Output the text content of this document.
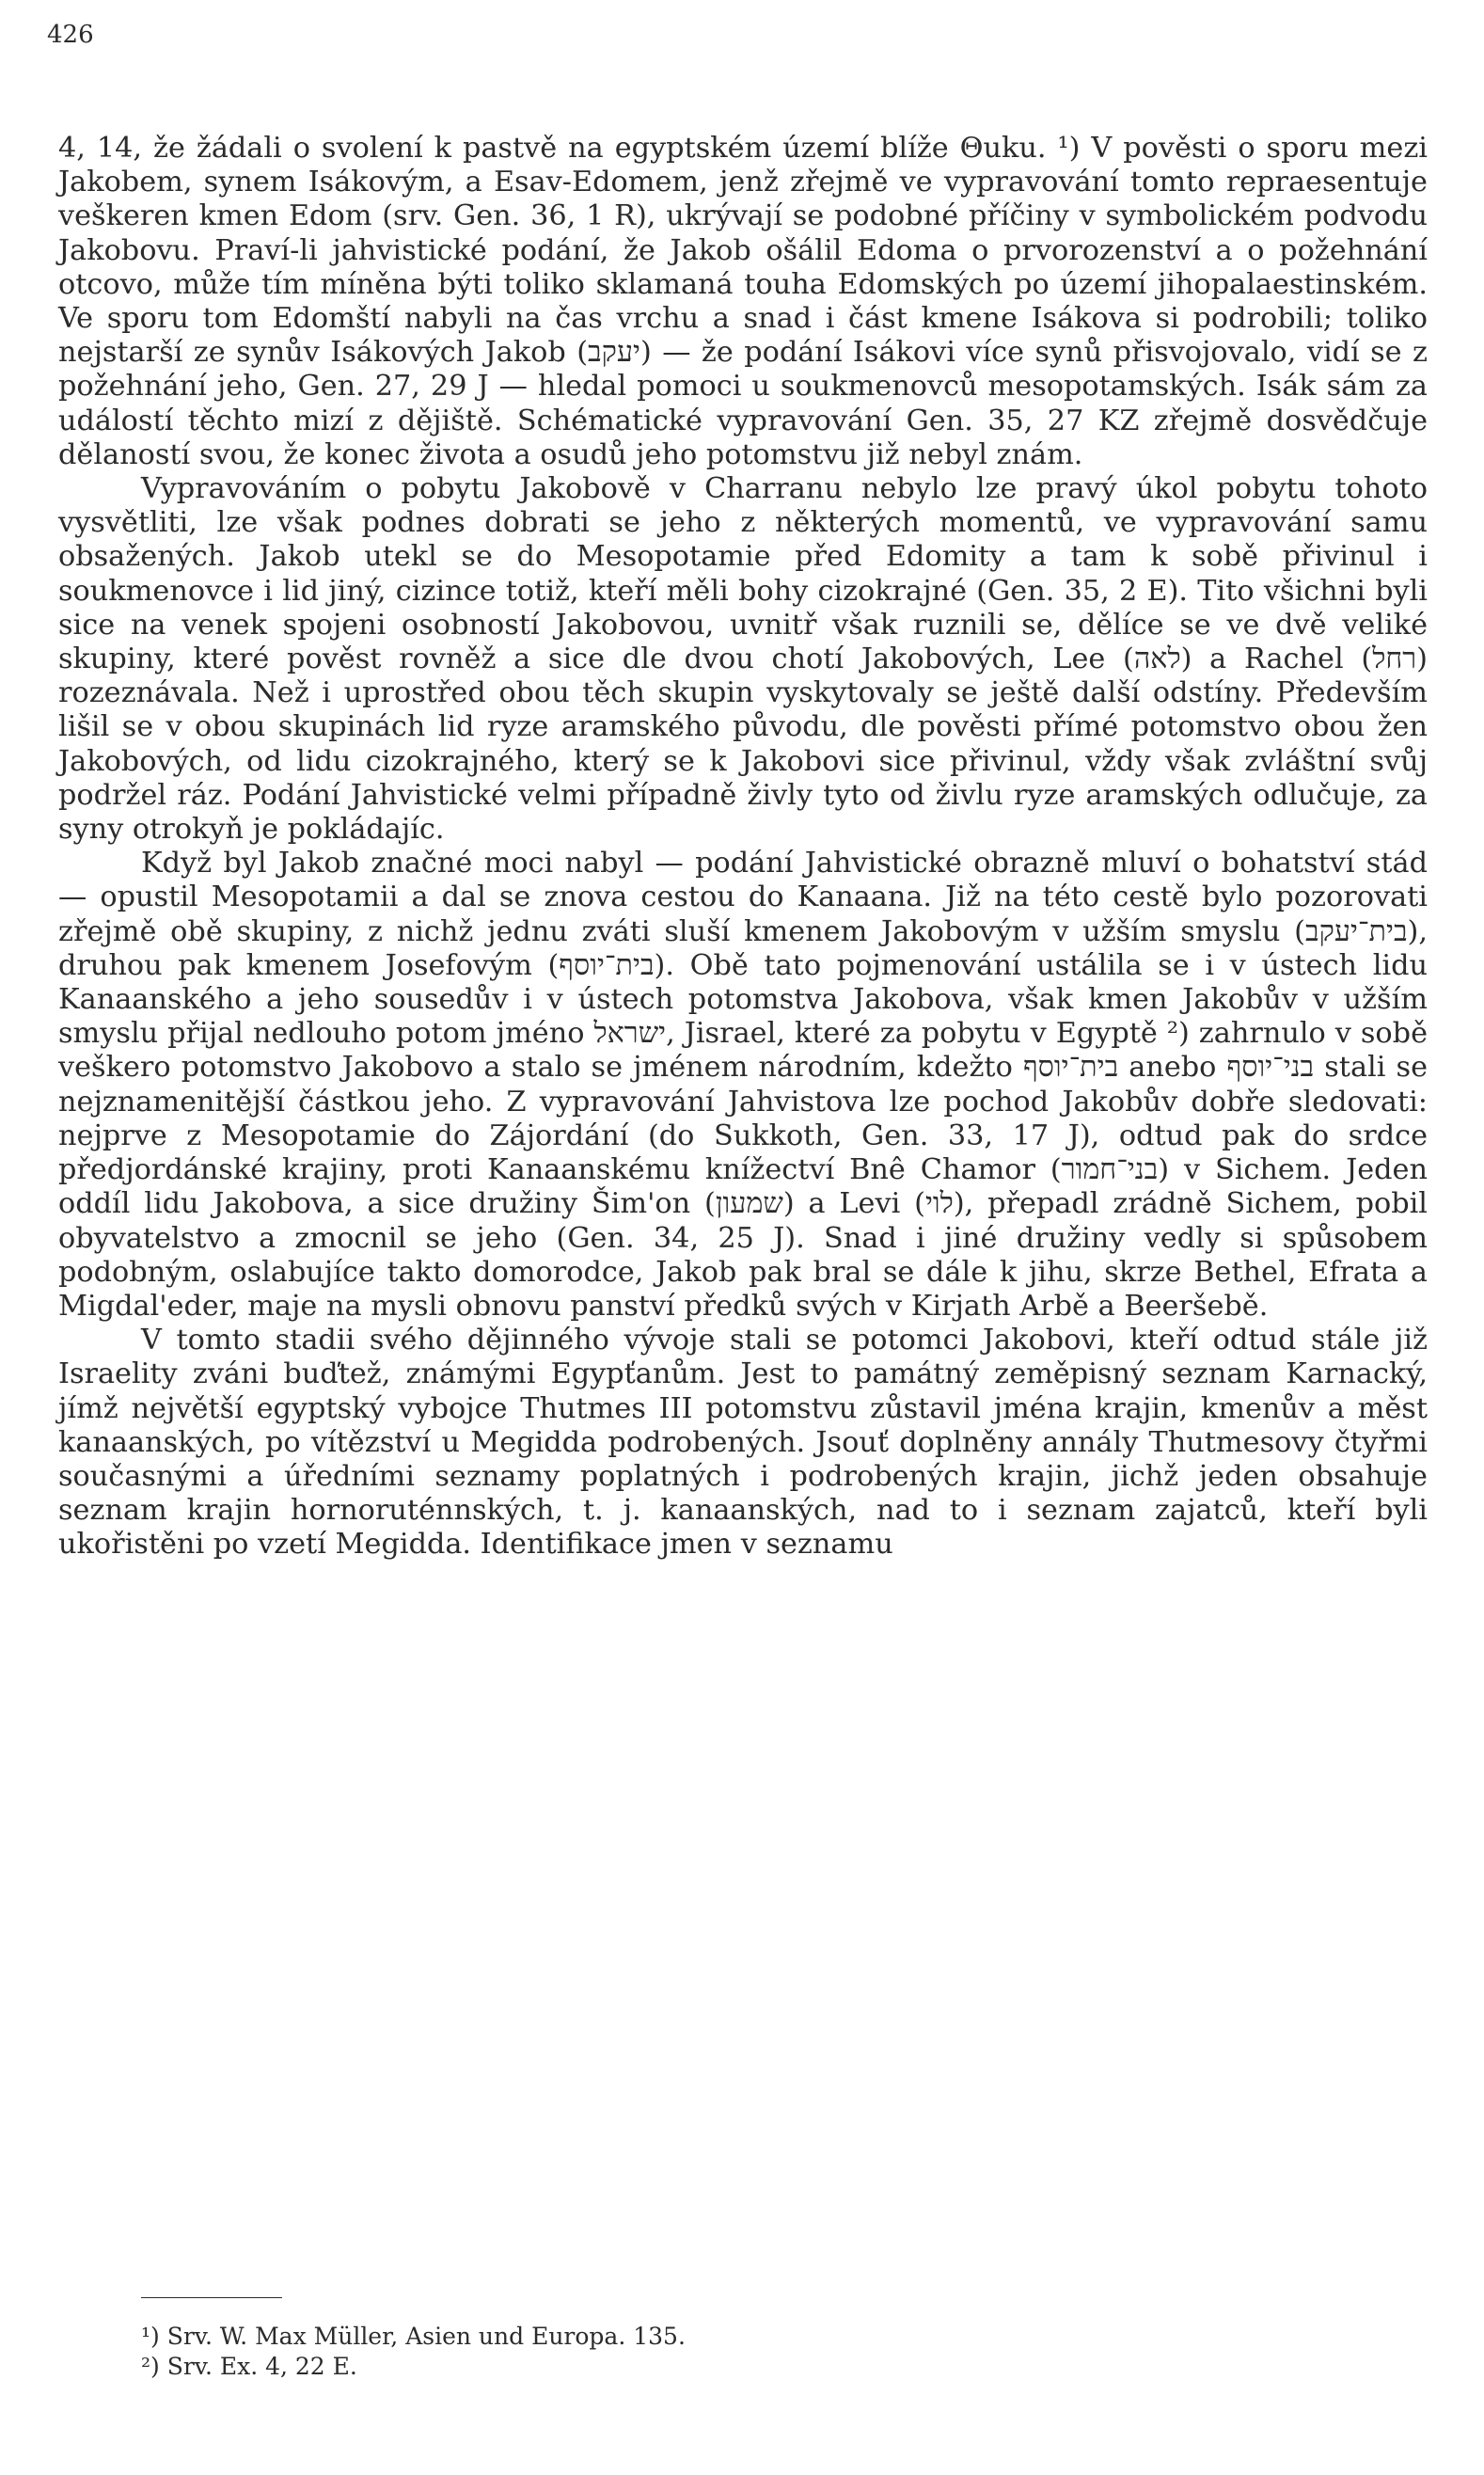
426

4, 14, že žádali o svolení k pastvě na egyptském území blíže Θuku. ¹) V pověsti o sporu mezi Jakobem, synem Isákovým, a Esav-Edomem, jenž zřejmě ve vypravování tomto repraesentuje veškeren kmen Edom (srv. Gen. 36, 1 R), ukrývají se podobné příčiny v symbolickém podvodu Jakobovu. Praví-li jahvistické podání, že Jakob ošálil Edoma o prvorozenství a o požehnání otcovo, může tím míněna býti toliko sklamaná touha Edomských po území jihopalaestinském. Ve sporu tom Edomští nabyli na čas vrchu a snad i část kmene Isákova si podrobili; toliko nejstarší ze synův Isákových Jakob (יעקב) — že podání Isákovi více synů přisvojovalo, vidí se z požehnání jeho, Gen. 27, 29 J — hledal pomoci u soukmenovců mesopotamských. Isák sám za událostí těchto mizí z dějiště. Schématické vypravování Gen. 35, 27 KZ zřejmě dosvědčuje dělaností svou, že konec života a osudů jeho potomstvu již nebyl znám.

Vypravováním o pobytu Jakobově v Charranu nebylo lze pravý úkol pobytu tohoto vysvětliti, lze však podnes dobrati se jeho z některých momentů, ve vypravování samu obsažených. Jakob utekl se do Mesopotamie před Edomity a tam k sobě přivinul i soukmenovce i lid jiný, cizince totiž, kteří měli bohy cizokrajné (Gen. 35, 2 E). Tito všichni byli sice na venek spojeni osobností Jakobovou, uvnitř však ruznili se, dělíce se ve dvě veliké skupiny, které pověst rovněž a sice dle dvou chotí Jakobových, Lee (לאה) a Rachel (רחל) rozeznávala. Než i uprostřed obou těch skupin vyskytovaly se ještě další odstíny. Především lišil se v obou skupinách lid ryze aramského původu, dle pověsti přímé potomstvo obou žen Jakobových, od lidu cizokrajného, který se k Jakobovi sice přivinul, vždy však zvláštní svůj podržel ráz. Podání Jahvistické velmi případně živly tyto od živlu ryze aramských odlučuje, za syny otrokyň je pokládajíc.

Když byl Jakob značné moci nabyl — podání Jahvistické obrazně mluví o bohatství stád — opustil Mesopotamii a dal se znova cestou do Kanaana. Již na této cestě bylo pozorovati zřejmě obě skupiny, z nichž jednu zváti sluší kmenem Jakobovým v užším smyslu (בית־יעקב), druhou pak kmenem Josefovým (בית־יוסף). Obě tato pojmenování ustálila se i v ústech lidu Kanaanského a jeho sousedův i v ústech potomstva Jakobova, však kmen Jakobův v užším smyslu přijal nedlouho potom jméno ישראל, Jisrael, které za pobytu v Egyptě ²) zahrnulo v sobě veškero potomstvo Jakobovo a stalo se jménem národním, kdežto בית־יוסף anebo בני־יוסף stali se nejznamenitější částkou jeho. Z vypravování Jahvistova lze pochod Jakobův dobře sledovati: nejprve z Mesopotamie do Zájordání (do Sukkoth, Gen. 33, 17 J), odtud pak do srdce předjordánské krajiny, proti Kanaanskému knížectví Bnê Chamor (בני־חמור) v Sichem. Jeden oddíl lidu Jakobova, a sice družiny Šim'on (שמעון) a Levi (לוי), přepadl zrádně Sichem, pobil obyvatelstvo a zmocnil se jeho (Gen. 34, 25 J). Snad i jiné družiny vedly si spůsobem podobným, oslabujíce takto domorodce, Jakob pak bral se dále k jihu, skrze Bethel, Efrata a Migdal'eder, maje na mysli obnovu panství předků svých v Kirjath Arbě a Beeršebě.

V tomto stadii svého dějinného vývoje stali se potomci Jakobovi, kteří odtud stále již Israelity zváni buďtež, známými Egypťanům. Jest to památný zeměpisný seznam Karnacký, jímž největší egyptský vybojce Thutmes III potomstvu zůstavil jména krajin, kmenův a měst kanaanských, po vítězství u Megidda podrobených. Jsouť doplněny annály Thutmesovy čtyřmi současnými a úředními seznamy poplatných i podrobených krajin, jichž jeden obsahuje seznam krajin hornoruténnských, t. j. kanaanských, nad to i seznam zajatců, kteří byli ukořistěni po vzetí Megidda. Identifikace jmen v seznamu

¹) Srv. W. Max Müller, Asien und Europa. 135.

²) Srv. Ex. 4, 22 E.
